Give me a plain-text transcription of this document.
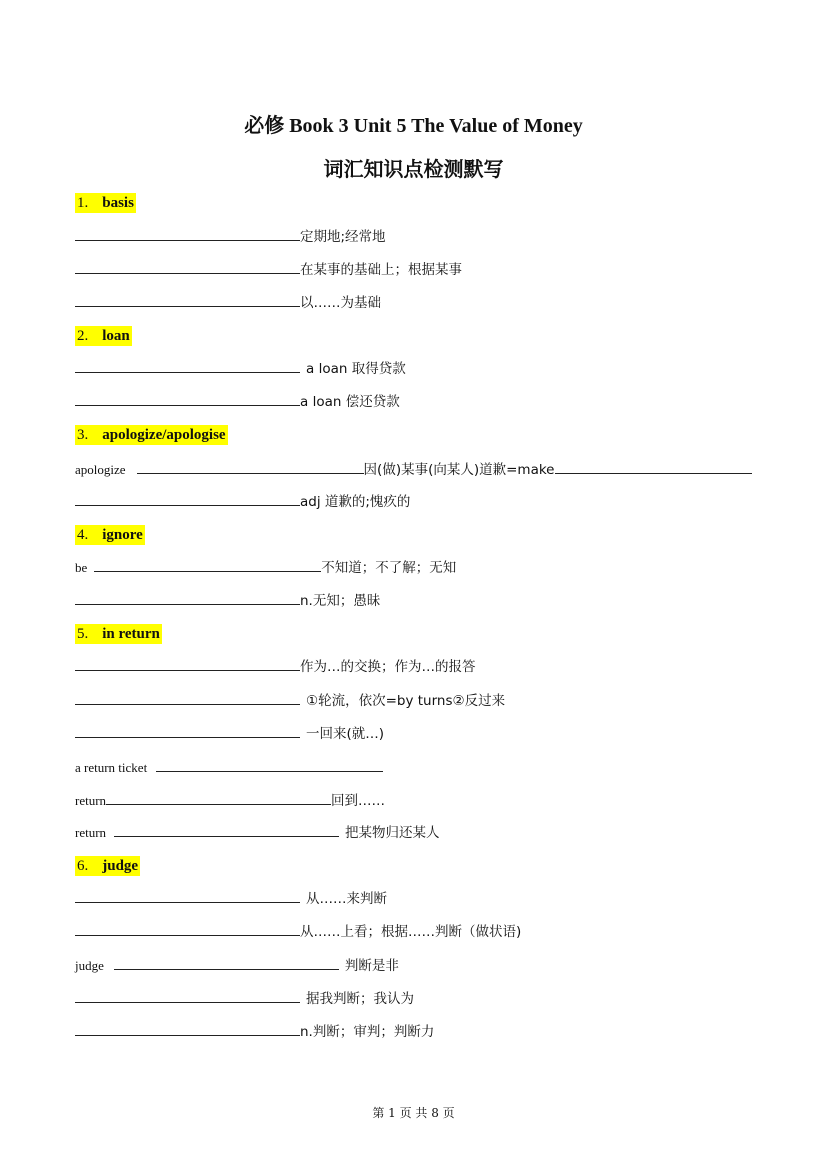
必修 Book 3 Unit 5 The Value of Money
词汇知识点检测默写
1. basis
定期地;经常地
在某事的基础上；根据某事
以……为基础
2. loan
a loan 取得贷款
a loan 偿还贷款
3. apologize/apologise
apologize	因(做)某事(向某人)道歉=make
adj 道歉的;愧疚的
4. ignore
be	不知道；不了解；无知
n.无知；愚昧
5. in return
作为…的交换；作为…的报答
①轮流，依次=by turns②反过来
一回来(就…)
a return ticket
return	回到……
return	把某物归还某人
6. judge
从……来判断
从……上看；根据……判断（做状语)
judge	判断是非
据我判断；我认为
n.判断；审判；判断力
第 1 页 共 8 页
